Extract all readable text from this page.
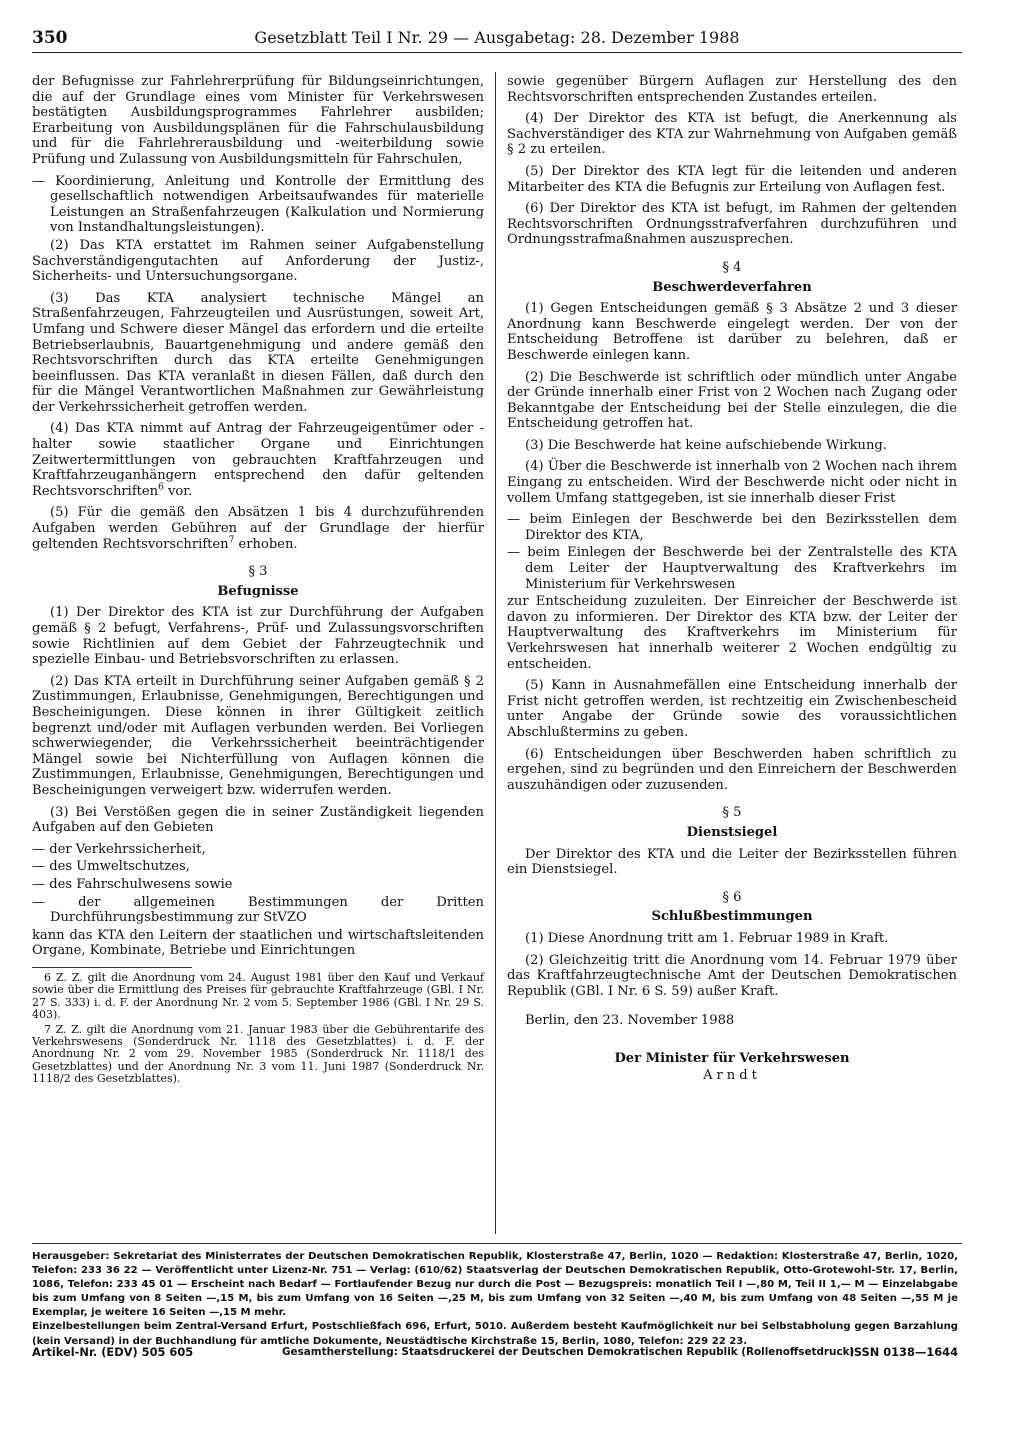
350	Gesetzblatt Teil I Nr. 29 — Ausgabetag: 28. Dezember 1988

der Befugnisse zur Fahrlehrerprüfung für Bildungseinrichtungen, die auf der Grundlage eines vom Minister für Verkehrswesen bestätigten Ausbildungsprogrammes Fahrlehrer ausbilden; Erarbeitung von Ausbildungsplänen für die Fahrschulausbildung und für die Fahrlehrerausbildung und -weiterbildung sowie Prüfung und Zulassung von Ausbildungsmitteln für Fahrschulen,

— Koordinierung, Anleitung und Kontrolle der Ermittlung des gesellschaftlich notwendigen Arbeitsaufwandes für materielle Leistungen an Straßenfahrzeugen (Kalkulation und Normierung von Instandhaltungsleistungen).

(2) Das KTA erstattet im Rahmen seiner Aufgabenstellung Sachverständigengutachten auf Anforderung der Justiz-, Sicherheits- und Untersuchungsorgane.

(3) Das KTA analysiert technische Mängel an Straßenfahrzeugen, Fahrzeugteilen und Ausrüstungen, soweit Art, Umfang und Schwere dieser Mängel das erfordern und die erteilte Betriebserlaubnis, Bauartgenehmigung und andere gemäß den Rechtsvorschriften durch das KTA erteilte Genehmigungen beeinflussen. Das KTA veranlaßt in diesen Fällen, daß durch den für die Mängel Verantwortlichen Maßnahmen zur Gewährleistung der Verkehrssicherheit getroffen werden.

(4) Das KTA nimmt auf Antrag der Fahrzeugeigentümer oder -halter sowie staatlicher Organe und Einrichtungen Zeitwertermittlungen von gebrauchten Kraftfahrzeugen und Kraftfahrzeuganhängern entsprechend den dafür geltenden Rechtsvorschriften$^6$ vor.

(5) Für die gemäß den Absätzen 1 bis 4 durchzuführenden Aufgaben werden Gebühren auf der Grundlage der hierfür geltenden Rechtsvorschriften$^7$ erhoben.

§ 3

Befugnisse

(1) Der Direktor des KTA ist zur Durchführung der Aufgaben gemäß § 2 befugt, Verfahrens-, Prüf- und Zulassungsvorschriften sowie Richtlinien auf dem Gebiet der Fahrzeugtechnik und spezielle Einbau- und Betriebsvorschriften zu erlassen.

(2) Das KTA erteilt in Durchführung seiner Aufgaben gemäß § 2 Zustimmungen, Erlaubnisse, Genehmigungen, Berechtigungen und Bescheinigungen. Diese können in ihrer Gültigkeit zeitlich begrenzt und/oder mit Auflagen verbunden werden. Bei Vorliegen schwerwiegender, die Verkehrssicherheit beeinträchtigender Mängel sowie bei Nichterfüllung von Auflagen können die Zustimmungen, Erlaubnisse, Genehmigungen, Berechtigungen und Bescheinigungen verweigert bzw. widerrufen werden.

(3) Bei Verstößen gegen die in seiner Zuständigkeit liegenden Aufgaben auf den Gebieten

— der Verkehrssicherheit,

— des Umweltschutzes,

— des Fahrschulwesens sowie

— der allgemeinen Bestimmungen der Dritten Durchführungsbestimmung zur StVZO

kann das KTA den Leitern der staatlichen und wirtschaftsleitenden Organe, Kombinate, Betriebe und Einrichtungen

6 Z. Z. gilt die Anordnung vom 24. August 1981 über den Kauf und Verkauf sowie über die Ermittlung des Preises für gebrauchte Kraftfahrzeuge (GBl. I Nr. 27 S. 333) i. d. F. der Anordnung Nr. 2 vom 5. September 1986 (GBl. I Nr. 29 S. 403).

7 Z. Z. gilt die Anordnung vom 21. Januar 1983 über die Gebührentarife des Verkehrswesens (Sonderdruck Nr. 1118 des Gesetzblattes) i. d. F. der Anordnung Nr. 2 vom 29. November 1985 (Sonderdruck Nr. 1118/1 des Gesetzblattes) und der Anordnung Nr. 3 vom 11. Juni 1987 (Sonderdruck Nr. 1118/2 des Gesetzblattes).

sowie gegenüber Bürgern Auflagen zur Herstellung des den Rechtsvorschriften entsprechenden Zustandes erteilen.

(4) Der Direktor des KTA ist befugt, die Anerkennung als Sachverständiger des KTA zur Wahrnehmung von Aufgaben gemäß § 2 zu erteilen.

(5) Der Direktor des KTA legt für die leitenden und anderen Mitarbeiter des KTA die Befugnis zur Erteilung von Auflagen fest.

(6) Der Direktor des KTA ist befugt, im Rahmen der geltenden Rechtsvorschriften Ordnungsstrafverfahren durchzuführen und Ordnungsstrafmaßnahmen auszusprechen.

§ 4

Beschwerdeverfahren

(1) Gegen Entscheidungen gemäß § 3 Absätze 2 und 3 dieser Anordnung kann Beschwerde eingelegt werden. Der von der Entscheidung Betroffene ist darüber zu belehren, daß er Beschwerde einlegen kann.

(2) Die Beschwerde ist schriftlich oder mündlich unter Angabe der Gründe innerhalb einer Frist von 2 Wochen nach Zugang oder Bekanntgabe der Entscheidung bei der Stelle einzulegen, die die Entscheidung getroffen hat.

(3) Die Beschwerde hat keine aufschiebende Wirkung.

(4) Über die Beschwerde ist innerhalb von 2 Wochen nach ihrem Eingang zu entscheiden. Wird der Beschwerde nicht oder nicht in vollem Umfang stattgegeben, ist sie innerhalb dieser Frist

— beim Einlegen der Beschwerde bei den Bezirksstellen dem Direktor des KTA,

— beim Einlegen der Beschwerde bei der Zentralstelle des KTA dem Leiter der Hauptverwaltung des Kraftverkehrs im Ministerium für Verkehrswesen

zur Entscheidung zuzuleiten. Der Einreicher der Beschwerde ist davon zu informieren. Der Direktor des KTA bzw. der Leiter der Hauptverwaltung des Kraftverkehrs im Ministerium für Verkehrswesen hat innerhalb weiterer 2 Wochen endgültig zu entscheiden.

(5) Kann in Ausnahmefällen eine Entscheidung innerhalb der Frist nicht getroffen werden, ist rechtzeitig ein Zwischenbescheid unter Angabe der Gründe sowie des voraussichtlichen Abschlußtermins zu geben.

(6) Entscheidungen über Beschwerden haben schriftlich zu ergehen, sind zu begründen und den Einreichern der Beschwerden auszuhändigen oder zuzusenden.

§ 5

Dienstsiegel

Der Direktor des KTA und die Leiter der Bezirksstellen führen ein Dienstsiegel.

§ 6

Schlußbestimmungen

(1) Diese Anordnung tritt am 1. Februar 1989 in Kraft.

(2) Gleichzeitig tritt die Anordnung vom 14. Februar 1979 über das Kraftfahrzeugtechnische Amt der Deutschen Demokratischen Republik (GBl. I Nr. 6 S. 59) außer Kraft.

Berlin, den 23. November 1988

Der Minister für Verkehrswesen

Arndt

Herausgeber: Sekretariat des Ministerrates der Deutschen Demokratischen Republik, Klosterstraße 47, Berlin, 1020 — Redaktion: Klosterstraße 47, Berlin, 1020, Telefon: 233 36 22 — Veröffentlicht unter Lizenz-Nr. 751 — Verlag: (610/62) Staatsverlag der Deutschen Demokratischen Republik, Otto-Grotewohl-Str. 17, Berlin, 1086, Telefon: 233 45 01 — Erscheint nach Bedarf — Fortlaufender Bezug nur durch die Post — Bezugspreis: monatlich Teil I —,80 M, Teil II 1,— M — Einzelabgabe bis zum Umfang von 8 Seiten —,15 M, bis zum Umfang von 16 Seiten —,25 M, bis zum Umfang von 32 Seiten —,40 M, bis zum Umfang von 48 Seiten —,55 M je Exemplar, je weitere 16 Seiten —,15 M mehr.

Einzelbestellungen beim Zentral-Versand Erfurt, Postschließfach 696, Erfurt, 5010. Außerdem besteht Kaufmöglichkeit nur bei Selbstabholung gegen Barzahlung (kein Versand) in der Buchhandlung für amtliche Dokumente, Neustädtische Kirchstraße 15, Berlin, 1080, Telefon: 229 22 23.

Artikel-Nr. (EDV) 505 605	Gesamtherstellung: Staatsdruckerei der Deutschen Demokratischen Republik (Rollenoffsetdruck)
ISSN 0138—1644
